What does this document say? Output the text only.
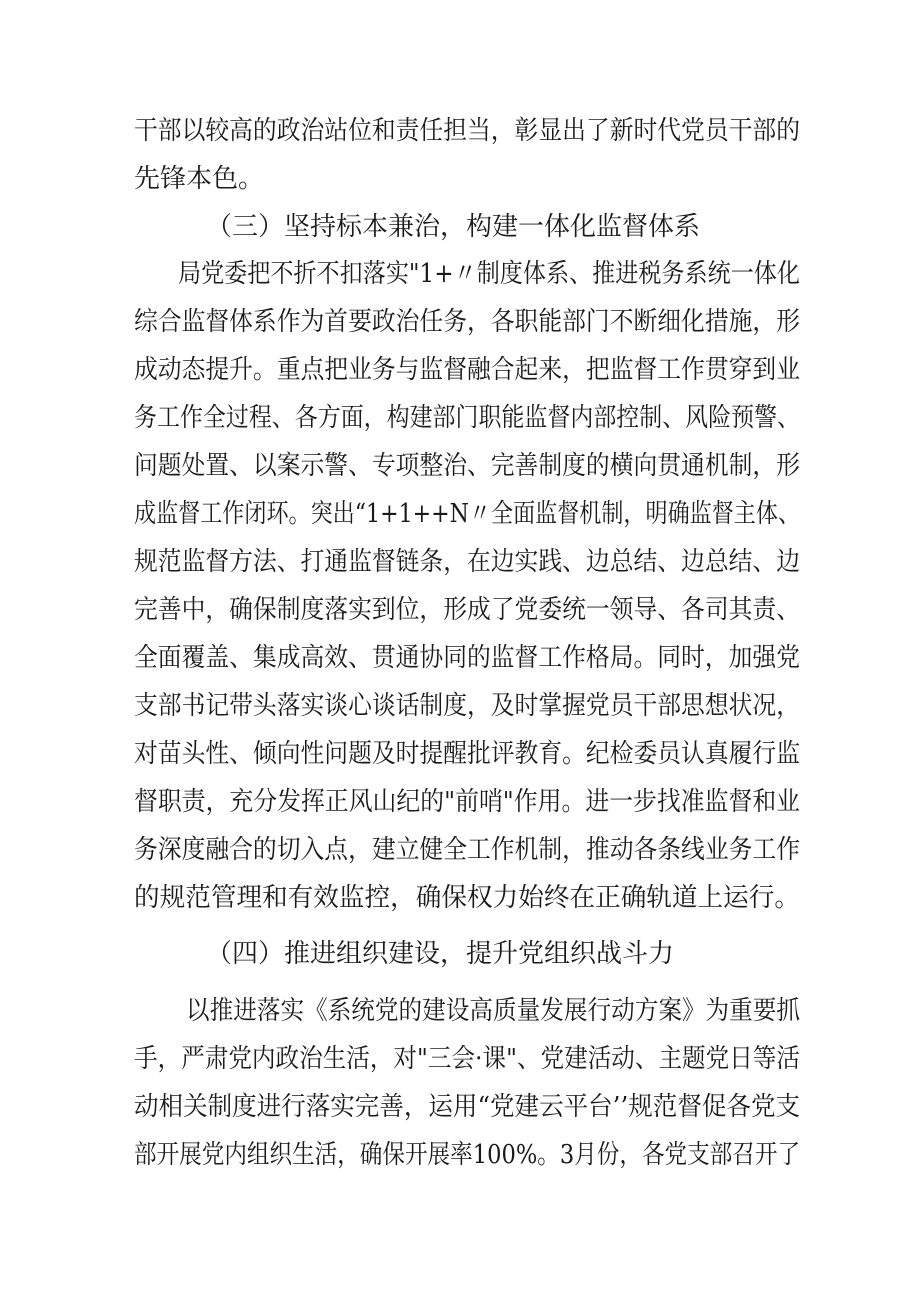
干部以较高的政治站位和责任担当，彰显出了新时代党员干部的
先锋本色。
（三）坚持标本兼治，构建一体化监督体系
局党委把不折不扣落实"1+〃制度体系、推进税务系统一体化
综合监督体系作为首要政治任务，各职能部门不断细化措施，形
成动态提升。重点把业务与监督融合起来，把监督工作贯穿到业
务工作全过程、各方面，构建部门职能监督内部控制、风险预警、
问题处置、以案示警、专项整治、完善制度的横向贯通机制，形
成监督工作闭环。突出“1+1++N〃全面监督机制，明确监督主体、
规范监督方法、打通监督链条，在边实践、边总结、边总结、边
完善中，确保制度落实到位，形成了党委统一领导、各司其责、
全面覆盖、集成高效、贯通协同的监督工作格局。同时，加强党
支部书记带头落实谈心谈话制度，及时掌握党员干部思想状况，
对苗头性、倾向性问题及时提醒批评教育。纪检委员认真履行监
督职责，充分发挥正风山纪的"前哨"作用。进一步找准监督和业
务深度融合的切入点，建立健全工作机制，推动各条线业务工作
的规范管理和有效监控，确保权力始终在正确轨道上运行。
（四）推进组织建设，提升党组织战斗力
以推进落实《系统党的建设高质量发展行动方案》为重要抓
手，严肃党内政治生活，对"三会·课"、党建活动、主题党日等活
动相关制度进行落实完善，运用“党建云平台’’规范督促各党支
部开展党内组织生活，确保开展率100%。3月份，各党支部召开了
